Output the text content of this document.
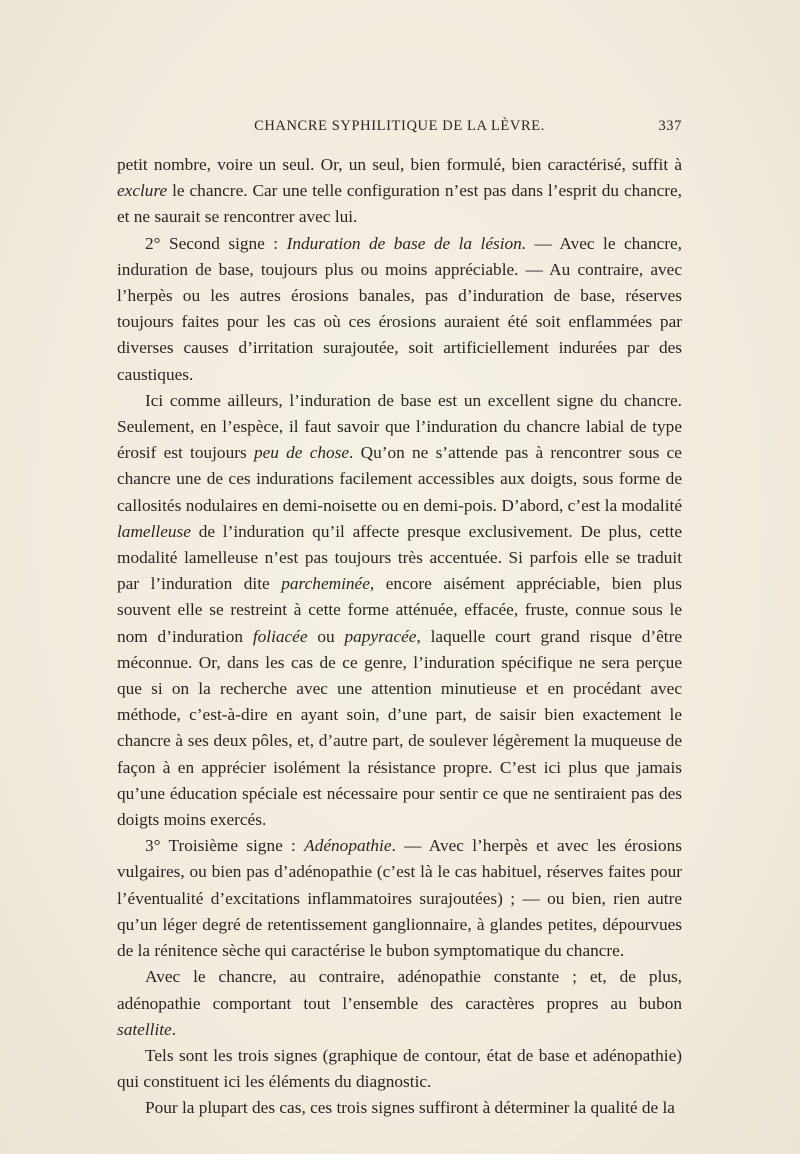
CHANCRE SYPHILITIQUE DE LA LÈVRE.	337

petit nombre, voire un seul. Or, un seul, bien formulé, bien caractérisé, suffit à exclure le chancre. Car une telle configuration n’est pas dans l’esprit du chancre, et ne saurait se rencontrer avec lui.

2° Second signe : Induration de base de la lésion. — Avec le chancre, induration de base, toujours plus ou moins appréciable. — Au contraire, avec l’herpès ou les autres érosions banales, pas d’induration de base, réserves toujours faites pour les cas où ces érosions auraient été soit enflammées par diverses causes d’irritation surajoutée, soit artificiellement indurées par des caustiques.

Ici comme ailleurs, l’induration de base est un excellent signe du chancre. Seulement, en l’espèce, il faut savoir que l’induration du chancre labial de type érosif est toujours peu de chose. Qu’on ne s’attende pas à rencontrer sous ce chancre une de ces indurations facilement accessibles aux doigts, sous forme de callosités nodulaires en demi-noisette ou en demi-pois. D’abord, c’est la modalité lamelleuse de l’induration qu’il affecte presque exclusivement. De plus, cette modalité lamelleuse n’est pas toujours très accentuée. Si parfois elle se traduit par l’induration dite parcheminée, encore aisément appréciable, bien plus souvent elle se restreint à cette forme atténuée, effacée, fruste, connue sous le nom d’induration foliacée ou papyracée, laquelle court grand risque d’être méconnue. Or, dans les cas de ce genre, l’induration spécifique ne sera perçue que si on la recherche avec une attention minutieuse et en procédant avec méthode, c’est-à-dire en ayant soin, d’une part, de saisir bien exactement le chancre à ses deux pôles, et, d’autre part, de soulever légèrement la muqueuse de façon à en apprécier isolément la résistance propre. C’est ici plus que jamais qu’une éducation spéciale est nécessaire pour sentir ce que ne sentiraient pas des doigts moins exercés.

3° Troisième signe : Adénopathie. — Avec l’herpès et avec les érosions vulgaires, ou bien pas d’adénopathie (c’est là le cas habituel, réserves faites pour l’éventualité d’excitations inflammatoires surajoutées) ; — ou bien, rien autre qu’un léger degré de retentissement ganglionnaire, à glandes petites, dépourvues de la rénitence sèche qui caractérise le bubon symptomatique du chancre.

Avec le chancre, au contraire, adénopathie constante ; et, de plus, adénopathie comportant tout l’ensemble des caractères propres au bubon satellite.

Tels sont les trois signes (graphique de contour, état de base et adénopathie) qui constituent ici les éléments du diagnostic.

Pour la plupart des cas, ces trois signes suffiront à déterminer la qualité de la
